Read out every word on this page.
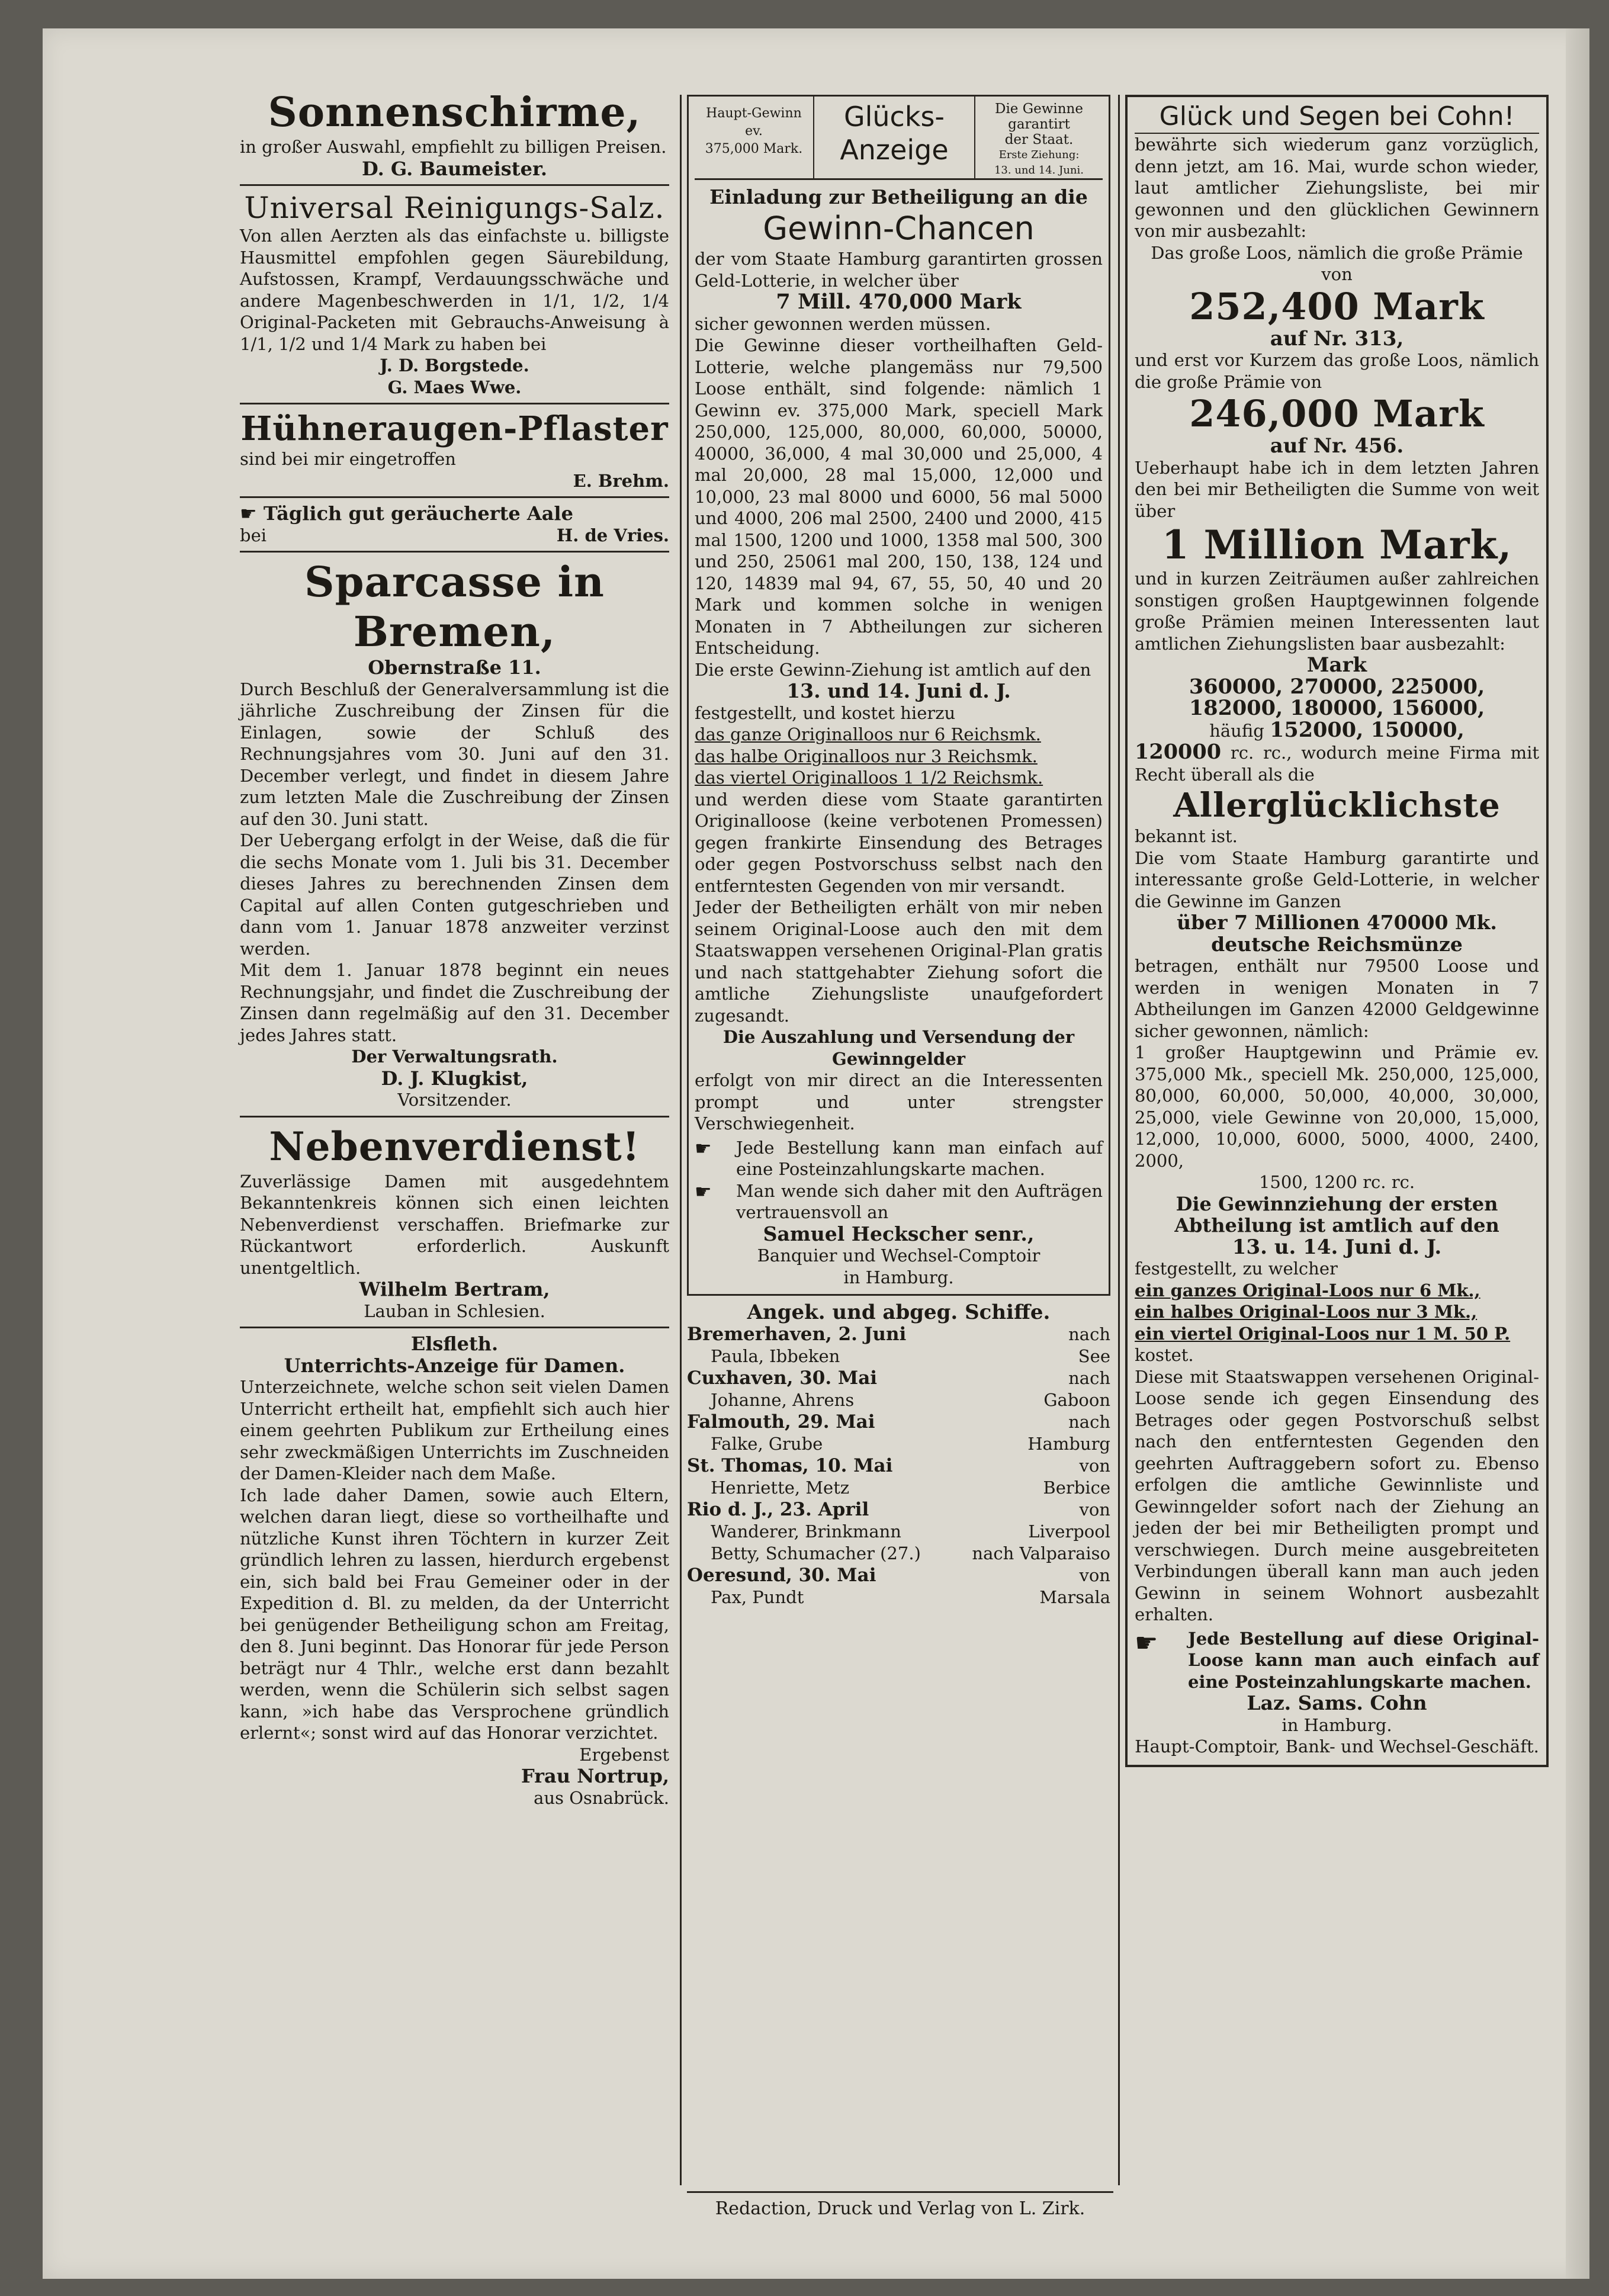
Sonnenschirme,

in großer Auswahl, empfiehlt zu billigen Preisen.

D. G. Baumeister.

Universal Reinigungs-Salz.

Von allen Aerzten als das einfachste u. billigste Hausmittel empfohlen gegen Säurebildung, Aufstossen, Krampf, Verdauungsschwäche und andere Magenbeschwerden in 1/1, 1/2, 1/4 Original-Packeten mit Gebrauchs-Anweisung à 1/1, 1/2 und 1/4 Mark zu haben bei

J. D. Borgstede.

G. Maes Wwe.

Hühneraugen-Pflaster

sind bei mir eingetroffen

E. Brehm.

☛ Täglich gut geräucherte Aale

bei	H. de Vries.

Sparcasse in Bremen,

Obernstraße 11.

Durch Beschluß der Generalversammlung ist die jährliche Zuschreibung der Zinsen für die Einlagen, sowie der Schluß des Rechnungsjahres vom 30. Juni auf den 31. December verlegt, und findet in diesem Jahre zum letzten Male die Zuschreibung der Zinsen auf den 30. Juni statt.

Der Uebergang erfolgt in der Weise, daß die für die sechs Monate vom 1. Juli bis 31. December dieses Jahres zu berechnenden Zinsen dem Capital auf allen Conten gutgeschrieben und dann vom 1. Januar 1878 anzweiter verzinst werden.

Mit dem 1. Januar 1878 beginnt ein neues Rechnungsjahr, und findet die Zuschreibung der Zinsen dann regelmäßig auf den 31. December jedes Jahres statt.

Der Verwaltungsrath.

D. J. Klugkist,

Vorsitzender.

Nebenverdienst!

Zuverlässige Damen mit ausgedehntem Bekanntenkreis können sich einen leichten Nebenverdienst verschaffen. Briefmarke zur Rückantwort erforderlich. Auskunft unentgeltlich.

Wilhelm Bertram,

Lauban in Schlesien.

Elsfleth.

Unterrichts-Anzeige für Damen.

Unterzeichnete, welche schon seit vielen Damen Unterricht ertheilt hat, empfiehlt sich auch hier einem geehrten Publikum zur Ertheilung eines sehr zweckmäßigen Unterrichts im Zuschneiden der Damen-Kleider nach dem Maße.

Ich lade daher Damen, sowie auch Eltern, welchen daran liegt, diese so vortheilhafte und nützliche Kunst ihren Töchtern in kurzer Zeit gründlich lehren zu lassen, hierdurch ergebenst ein, sich bald bei Frau Gemeiner oder in der Expedition d. Bl. zu melden, da der Unterricht bei genügender Betheiligung schon am Freitag, den 8. Juni beginnt. Das Honorar für jede Person beträgt nur 4 Thlr., welche erst dann bezahlt werden, wenn die Schülerin sich selbst sagen kann, »ich habe das Versprochene gründlich erlernt«; sonst wird auf das Honorar verzichtet.

Ergebenst

Frau Nortrup,

aus Osnabrück.

Haupt-Gewinn
ev.
375,000 Mark.
Glücks-
Anzeige
Die Gewinne
garantirt
der Staat.
Erste Ziehung:
13. und 14. Juni.

Einladung zur Betheiligung an die

Gewinn-Chancen

der vom Staate Hamburg garantirten grossen Geld-Lotterie, in welcher über

7 Mill. 470,000 Mark

sicher gewonnen werden müssen.

Die Gewinne dieser vortheilhaften Geld-Lotterie, welche plangemäss nur 79,500 Loose enthält, sind folgende: nämlich 1 Gewinn ev. 375,000 Mark, speciell Mark 250,000, 125,000, 80,000, 60,000, 50000, 40000, 36,000, 4 mal 30,000 und 25,000, 4 mal 20,000, 28 mal 15,000, 12,000 und 10,000, 23 mal 8000 und 6000, 56 mal 5000 und 4000, 206 mal 2500, 2400 und 2000, 415 mal 1500, 1200 und 1000, 1358 mal 500, 300 und 250, 25061 mal 200, 150, 138, 124 und 120, 14839 mal 94, 67, 55, 50, 40 und 20 Mark und kommen solche in wenigen Monaten in 7 Abtheilungen zur sicheren Entscheidung.

Die erste Gewinn-Ziehung ist amtlich auf den

13. und 14. Juni d. J.

festgestellt, und kostet hierzu

das ganze Originalloos nur 6 Reichsmk.

das halbe Originalloos nur 3 Reichsmk.

das viertel Originalloos 1 1/2 Reichsmk.

und werden diese vom Staate garantirten Originalloose (keine verbotenen Promessen) gegen frankirte Einsendung des Betrages oder gegen Postvorschuss selbst nach den entferntesten Gegenden von mir versandt.

Jeder der Betheiligten erhält von mir neben seinem Original-Loose auch den mit dem Staatswappen versehenen Original-Plan gratis und nach stattgehabter Ziehung sofort die amtliche Ziehungsliste unaufgefordert zugesandt.

Die Auszahlung und Versendung der Gewinngelder

erfolgt von mir direct an die Interessenten prompt und unter strengster Verschwiegenheit.

☛	Jede Bestellung kann man einfach auf eine Posteinzahlungskarte machen.

☛	Man wende sich daher mit den Aufträgen vertrauensvoll an

Samuel Heckscher senr.,

Banquier und Wechsel-Comptoir

in Hamburg.

Angek. und abgeg. Schiffe.

Bremerhaven, 2. Juni	nach
Paula, Ibbeken	See
Cuxhaven, 30. Mai	nach
Johanne, Ahrens	Gaboon
Falmouth, 29. Mai	nach
Falke, Grube	Hamburg
St. Thomas, 10. Mai	von
Henriette, Metz	Berbice
Rio d. J., 23. April	von
Wanderer, Brinkmann	Liverpool
Betty, Schumacher (27.)	nach Valparaiso
Oeresund, 30. Mai	von
Pax, Pundt	Marsala

Glück und Segen bei Cohn!

bewährte sich wiederum ganz vorzüglich, denn jetzt, am 16. Mai, wurde schon wieder, laut amtlicher Ziehungsliste, bei mir gewonnen und den glücklichen Gewinnern von mir ausbezahlt:

Das große Loos, nämlich die große Prämie von

252,400 Mark

auf Nr. 313,

und erst vor Kurzem das große Loos, nämlich die große Prämie von

246,000 Mark

auf Nr. 456.

Ueberhaupt habe ich in dem letzten Jahren den bei mir Betheiligten die Summe von weit über

1 Million Mark,

und in kurzen Zeiträumen außer zahlreichen sonstigen großen Hauptgewinnen folgende große Prämien meinen Interessenten laut amtlichen Ziehungslisten baar ausbezahlt:

Mark

360000, 270000, 225000,

182000, 180000, 156000,

häufig 152000, 150000,

120000 rc. rc., wodurch meine Firma mit Recht überall als die

Allerglücklichste

bekannt ist.

Die vom Staate Hamburg garantirte und interessante große Geld-Lotterie, in welcher die Gewinne im Ganzen

über 7 Millionen 470000 Mk.

deutsche Reichsmünze

betragen, enthält nur 79500 Loose und werden in wenigen Monaten in 7 Abtheilungen im Ganzen 42000 Geldgewinne sicher gewonnen, nämlich:

1 großer Hauptgewinn und Prämie ev. 375,000 Mk., speciell Mk. 250,000, 125,000, 80,000, 60,000, 50,000, 40,000, 30,000, 25,000, viele Gewinne von 20,000, 15,000, 12,000, 10,000, 6000, 5000, 4000, 2400, 2000,

1500, 1200 rc. rc.

Die Gewinnziehung der ersten Abtheilung ist amtlich auf den

13. u. 14. Juni d. J.

festgestellt, zu welcher

ein ganzes Original-Loos nur 6 Mk.,

ein halbes Original-Loos nur 3 Mk.,

ein viertel Original-Loos nur 1 M. 50 P.

kostet.

Diese mit Staatswappen versehenen Original-Loose sende ich gegen Einsendung des Betrages oder gegen Postvorschuß selbst nach den entferntesten Gegenden den geehrten Auftraggebern sofort zu. Ebenso erfolgen die amtliche Gewinnliste und Gewinngelder sofort nach der Ziehung an jeden der bei mir Betheiligten prompt und verschwiegen. Durch meine ausgebreiteten Verbindungen überall kann man auch jeden Gewinn in seinem Wohnort ausbezahlt erhalten.

☛	Jede Bestellung auf diese Original-Loose kann man auch einfach auf eine Posteinzahlungskarte machen.

Laz. Sams. Cohn

in Hamburg.

Haupt-Comptoir, Bank- und Wechsel-Geschäft.

Redaction, Druck und Verlag von L. Zirk.
